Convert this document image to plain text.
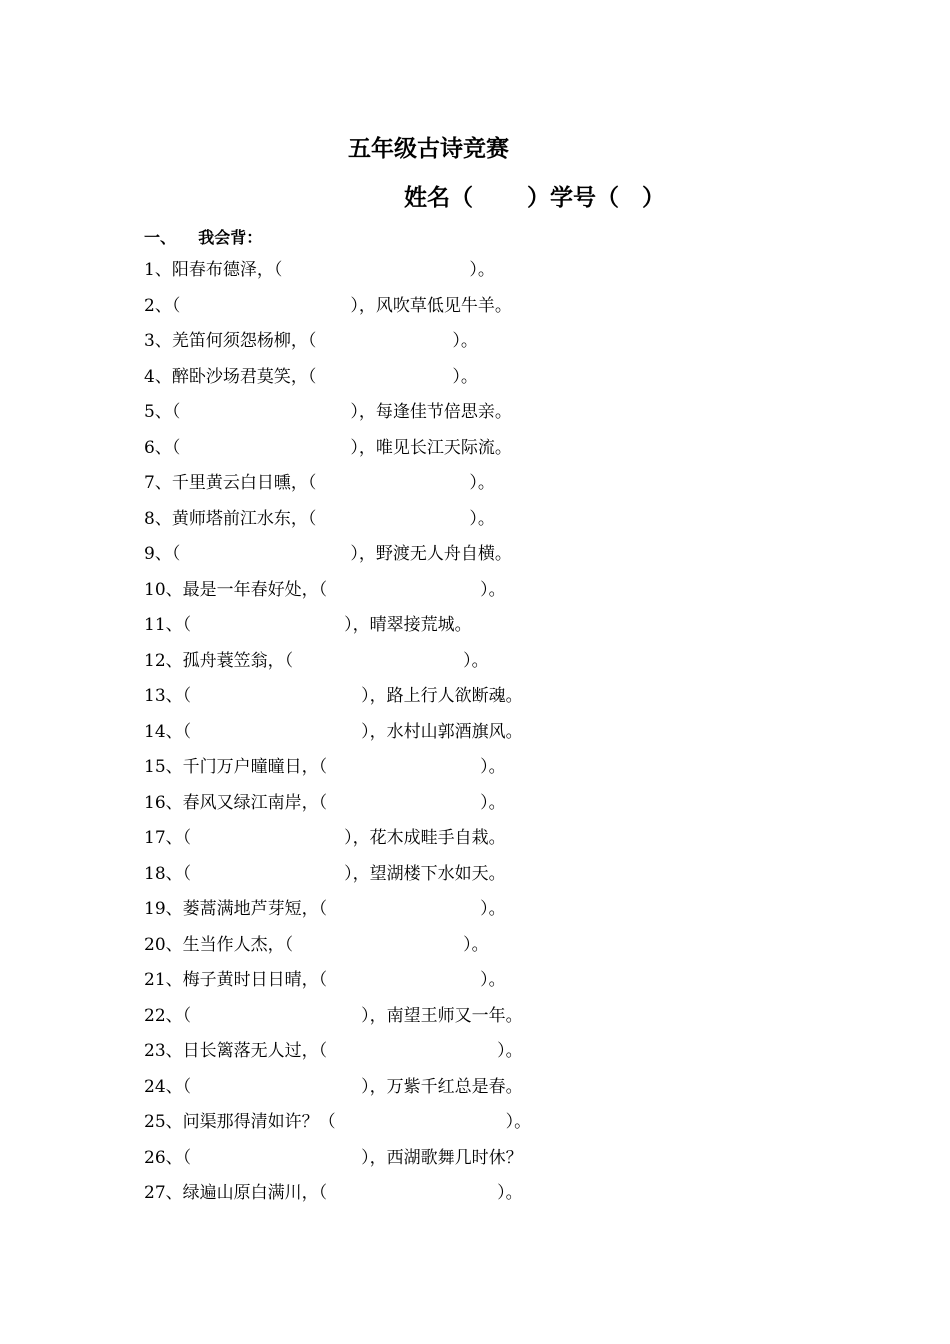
五年级古诗竞赛
姓名（　　 ）学号（　）
一、 我会背：
1、阳春布德泽，（　　　　　　　　　　　）。
2、（　　　　　　　　　　），风吹草低见牛羊。
3、羌笛何须怨杨柳，（　　　　　　　　）。
4、醉卧沙场君莫笑，（　　　　　　　　）。
5、（　　　　　　　　　　），每逢佳节倍思亲。
6、（　　　　　　　　　　），唯见长江天际流。
7、千里黄云白日曛，（　　　　　　　　　）。
8、黄师塔前江水东，（　　　　　　　　　）。
9、（　　　　　　　　　　），野渡无人舟自横。
10、最是一年春好处，（　　　　　　　　　）。
11、（　　　　　　　　　），晴翠接荒城。
12、孤舟蓑笠翁，（　　　　　　　　　　）。
13、（　　　　　　　　　　），路上行人欲断魂。
14、（　　　　　　　　　　），水村山郭酒旗风。
15、千门万户曈曈日，（　　　　　　　　　）。
16、春风又绿江南岸，（　　　　　　　　　）。
17、（　　　　　　　　　），花木成畦手自栽。
18、（　　　　　　　　　），望湖楼下水如天。
19、蒌蒿满地芦芽短，（　　　　　　　　　）。
20、生当作人杰，（　　　　　　　　　　）。
21、梅子黄时日日晴，（　　　　　　　　　）。
22、（　　　　　　　　　　），南望王师又一年。
23、日长篱落无人过，（　　　　　　　　　　）。
24、（　　　　　　　　　　），万紫千红总是春。
25、问渠那得清如许？（　　　　　　　　　　）。
26、（　　　　　　　　　　），西湖歌舞几时休？
27、绿遍山原白满川，（　　　　　　　　　　）。
